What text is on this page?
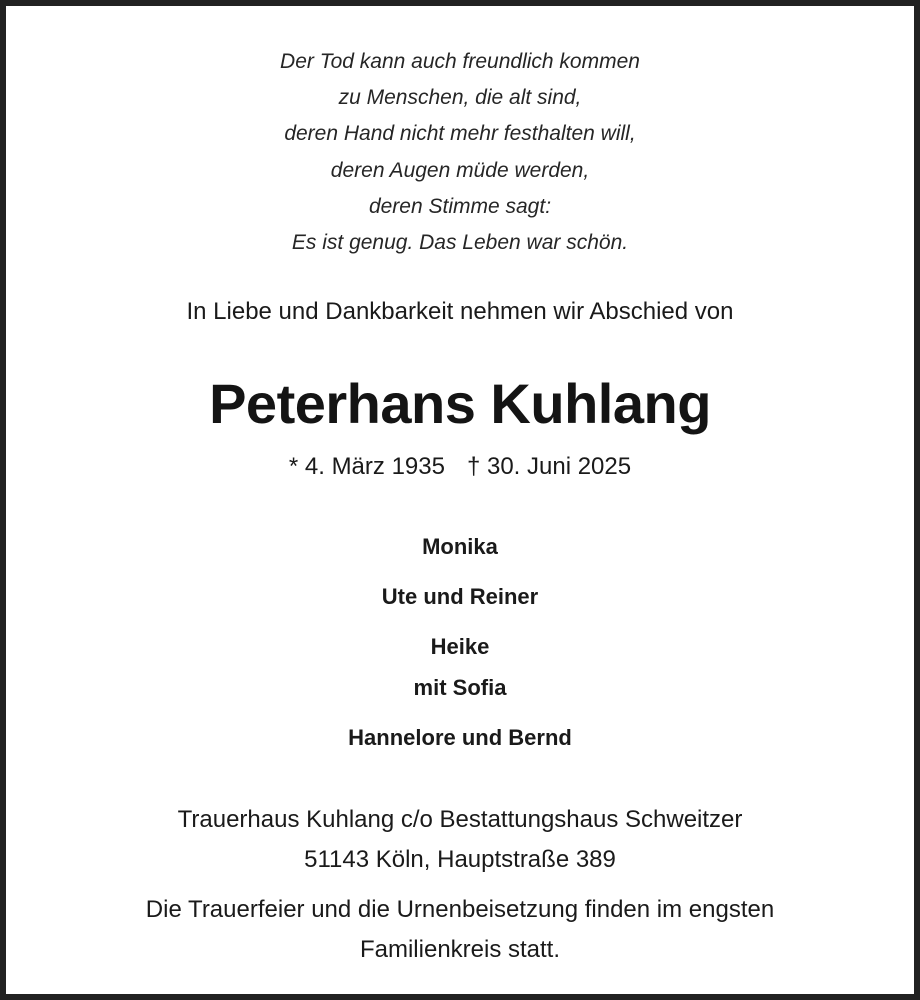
Der Tod kann auch freundlich kommen
zu Menschen, die alt sind,
deren Hand nicht mehr festhalten will,
deren Augen müde werden,
deren Stimme sagt:
Es ist genug. Das Leben war schön.
In Liebe und Dankbarkeit nehmen wir Abschied von
Peterhans Kuhlang
* 4. März 1935 † 30. Juni 2025
Monika
Ute und Reiner
Heike
mit Sofia
Hannelore und Bernd
Trauerhaus Kuhlang c/o Bestattungshaus Schweitzer
51143 Köln, Hauptstraße 389
Die Trauerfeier und die Urnenbeisetzung finden im engsten
Familienkreis statt.
